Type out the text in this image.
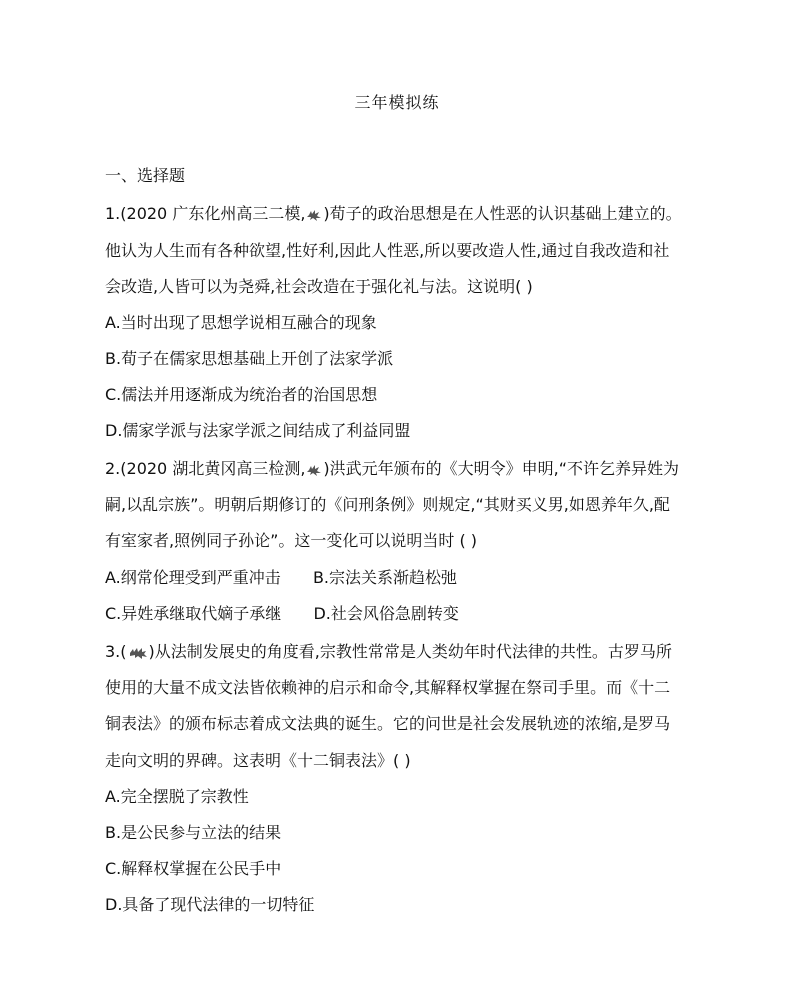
三年模拟练
一、选择题
1.(2020 广东化州高三二模, )荀子的政治思想是在人性恶的认识基础上建立的。
他认为人生而有各种欲望,性好利,因此人性恶,所以要改造人性,通过自我改造和社
会改造,人皆可以为尧舜,社会改造在于强化礼与法。这说明( )
A.当时出现了思想学说相互融合的现象
B.荀子在儒家思想基础上开创了法家学派
C.儒法并用逐渐成为统治者的治国思想
D.儒家学派与法家学派之间结成了利益同盟
2.(2020 湖北黄冈高三检测, )洪武元年颁布的《大明令》申明,“不许乞养异姓为
嗣,以乱宗族”。明朝后期修订的《问刑条例》则规定,“其财买义男,如恩养年久,配
有室家者,照例同子孙论”。这一变化可以说明当时 ( )
A.纲常伦理受到严重冲击 B.宗法关系渐趋松弛
C.异姓承继取代嫡子承继 D.社会风俗急剧转变
3.( )从法制发展史的角度看,宗教性常常是人类幼年时代法律的共性。古罗马所
使用的大量不成文法皆依赖神的启示和命令,其解释权掌握在祭司手里。而《十二
铜表法》的颁布标志着成文法典的诞生。它的问世是社会发展轨迹的浓缩,是罗马
走向文明的界碑。这表明《十二铜表法》( )
A.完全摆脱了宗教性
B.是公民参与立法的结果
C.解释权掌握在公民手中
D.具备了现代法律的一切特征
